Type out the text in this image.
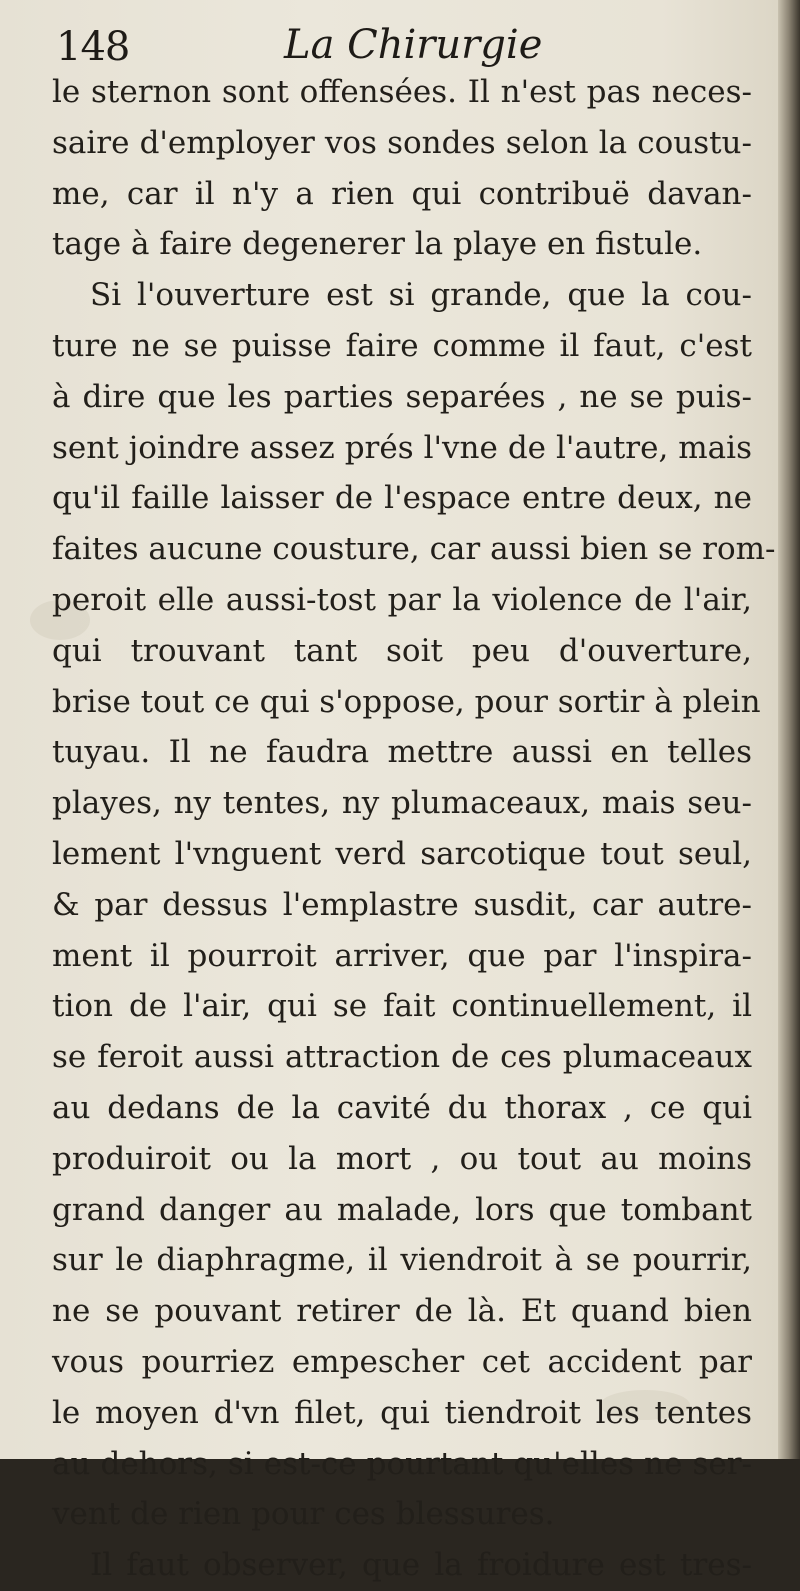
148	La Chirurgie
le sternon sont offensées. Il n'est pas neces-
saire d'employer vos sondes selon la coustu-
me, car il n'y a rien qui contribuë davan-
tage à faire degenerer la playe en fistule.
Si l'ouverture est si grande, que la cou-
ture ne se puisse faire comme il faut, c'est
à dire que les parties separées , ne se puis-
sent joindre assez prés l'vne de l'autre, mais
qu'il faille laisser de l'espace entre deux, ne
faites aucune cousture, car aussi bien se rom-
peroit elle aussi-tost par la violence de l'air,
qui trouvant tant soit peu d'ouverture,
brise tout ce qui s'oppose, pour sortir à plein
tuyau. Il ne faudra mettre aussi en telles
playes, ny tentes, ny plumaceaux, mais seu-
lement l'vnguent verd sarcotique tout seul,
& par dessus l'emplastre susdit, car autre-
ment il pourroit arriver, que par l'inspira-
tion de l'air, qui se fait continuellement, il
se feroit aussi attraction de ces plumaceaux
au dedans de la cavité du thorax , ce qui
produiroit ou la mort , ou tout au moins
grand danger au malade, lors que tombant
sur le diaphragme, il viendroit à se pourrir,
ne se pouvant retirer de là. Et quand bien
vous pourriez empescher cet accident par
le moyen d'vn filet, qui tiendroit les tentes
au dehors, si est-ce pourtant qu'elles ne ser-
vent de rien pour ces blessures.
Il faut observer, que la froidure est tres-
